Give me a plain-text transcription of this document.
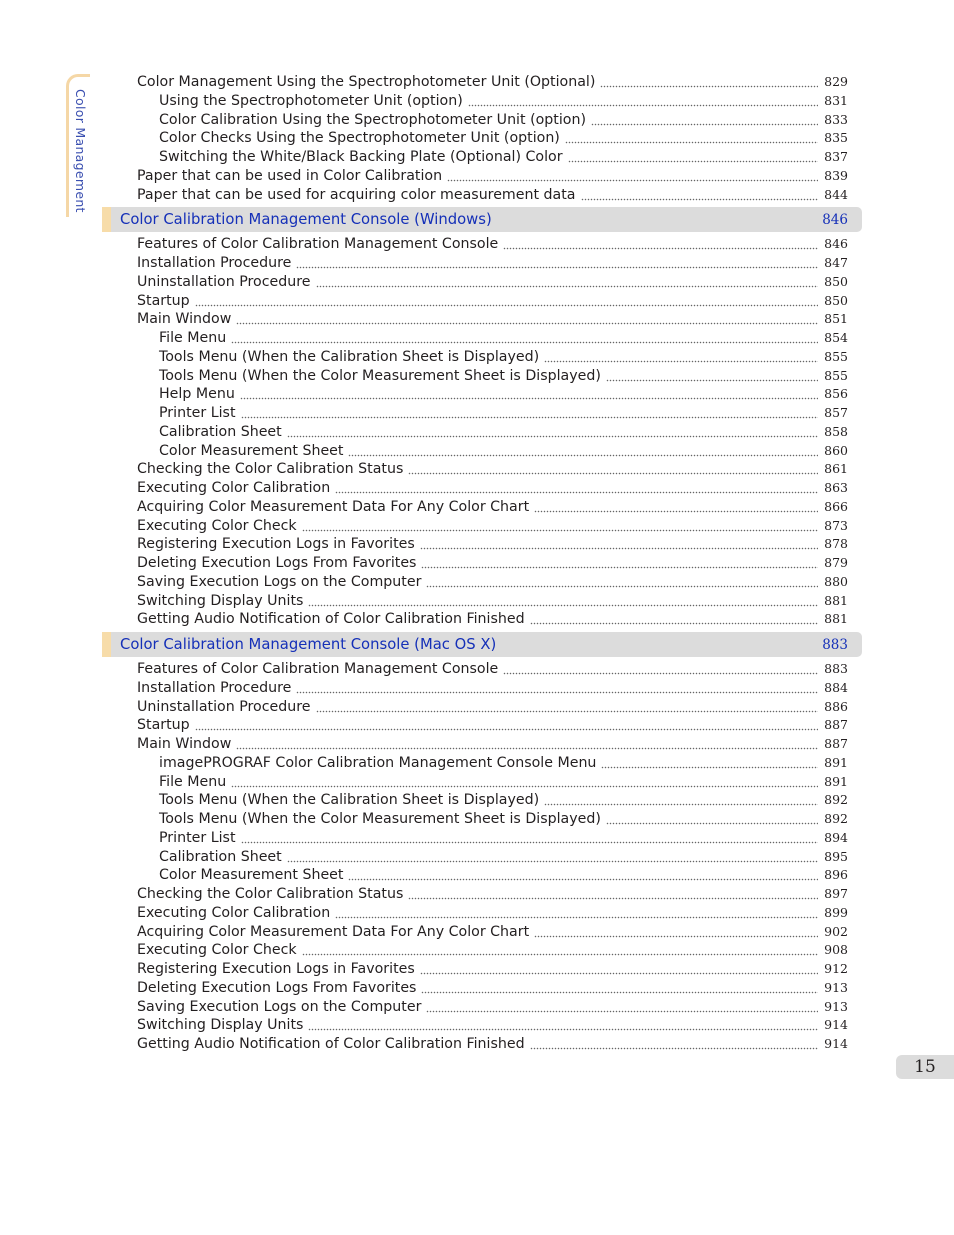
Color Management
Color Management Using the Spectrophotometer Unit (Optional)	829
Using the Spectrophotometer Unit (option)	831
Color Calibration Using the Spectrophotometer Unit (option)	833
Color Checks Using the Spectrophotometer Unit (option)	835
Switching the White/Black Backing Plate (Optional) Color	837
Paper that can be used in Color Calibration	839
Paper that can be used for acquiring color measurement data	844
Color Calibration Management Console (Windows)	846
Features of Color Calibration Management Console	846
Installation Procedure	847
Uninstallation Procedure	850
Startup	850
Main Window	851
File Menu	854
Tools Menu (When the Calibration Sheet is Displayed)	855
Tools Menu (When the Color Measurement Sheet is Displayed)	855
Help Menu	856
Printer List	857
Calibration Sheet	858
Color Measurement Sheet	860
Checking the Color Calibration Status	861
Executing Color Calibration	863
Acquiring Color Measurement Data For Any Color Chart	866
Executing Color Check	873
Registering Execution Logs in Favorites	878
Deleting Execution Logs From Favorites	879
Saving Execution Logs on the Computer	880
Switching Display Units	881
Getting Audio Notification of Color Calibration Finished	881
Color Calibration Management Console (Mac OS X)	883
Features of Color Calibration Management Console	883
Installation Procedure	884
Uninstallation Procedure	886
Startup	887
Main Window	887
imagePROGRAF Color Calibration Management Console Menu	891
File Menu	891
Tools Menu (When the Calibration Sheet is Displayed)	892
Tools Menu (When the Color Measurement Sheet is Displayed)	892
Printer List	894
Calibration Sheet	895
Color Measurement Sheet	896
Checking the Color Calibration Status	897
Executing Color Calibration	899
Acquiring Color Measurement Data For Any Color Chart	902
Executing Color Check	908
Registering Execution Logs in Favorites	912
Deleting Execution Logs From Favorites	913
Saving Execution Logs on the Computer	913
Switching Display Units	914
Getting Audio Notification of Color Calibration Finished	914
15
